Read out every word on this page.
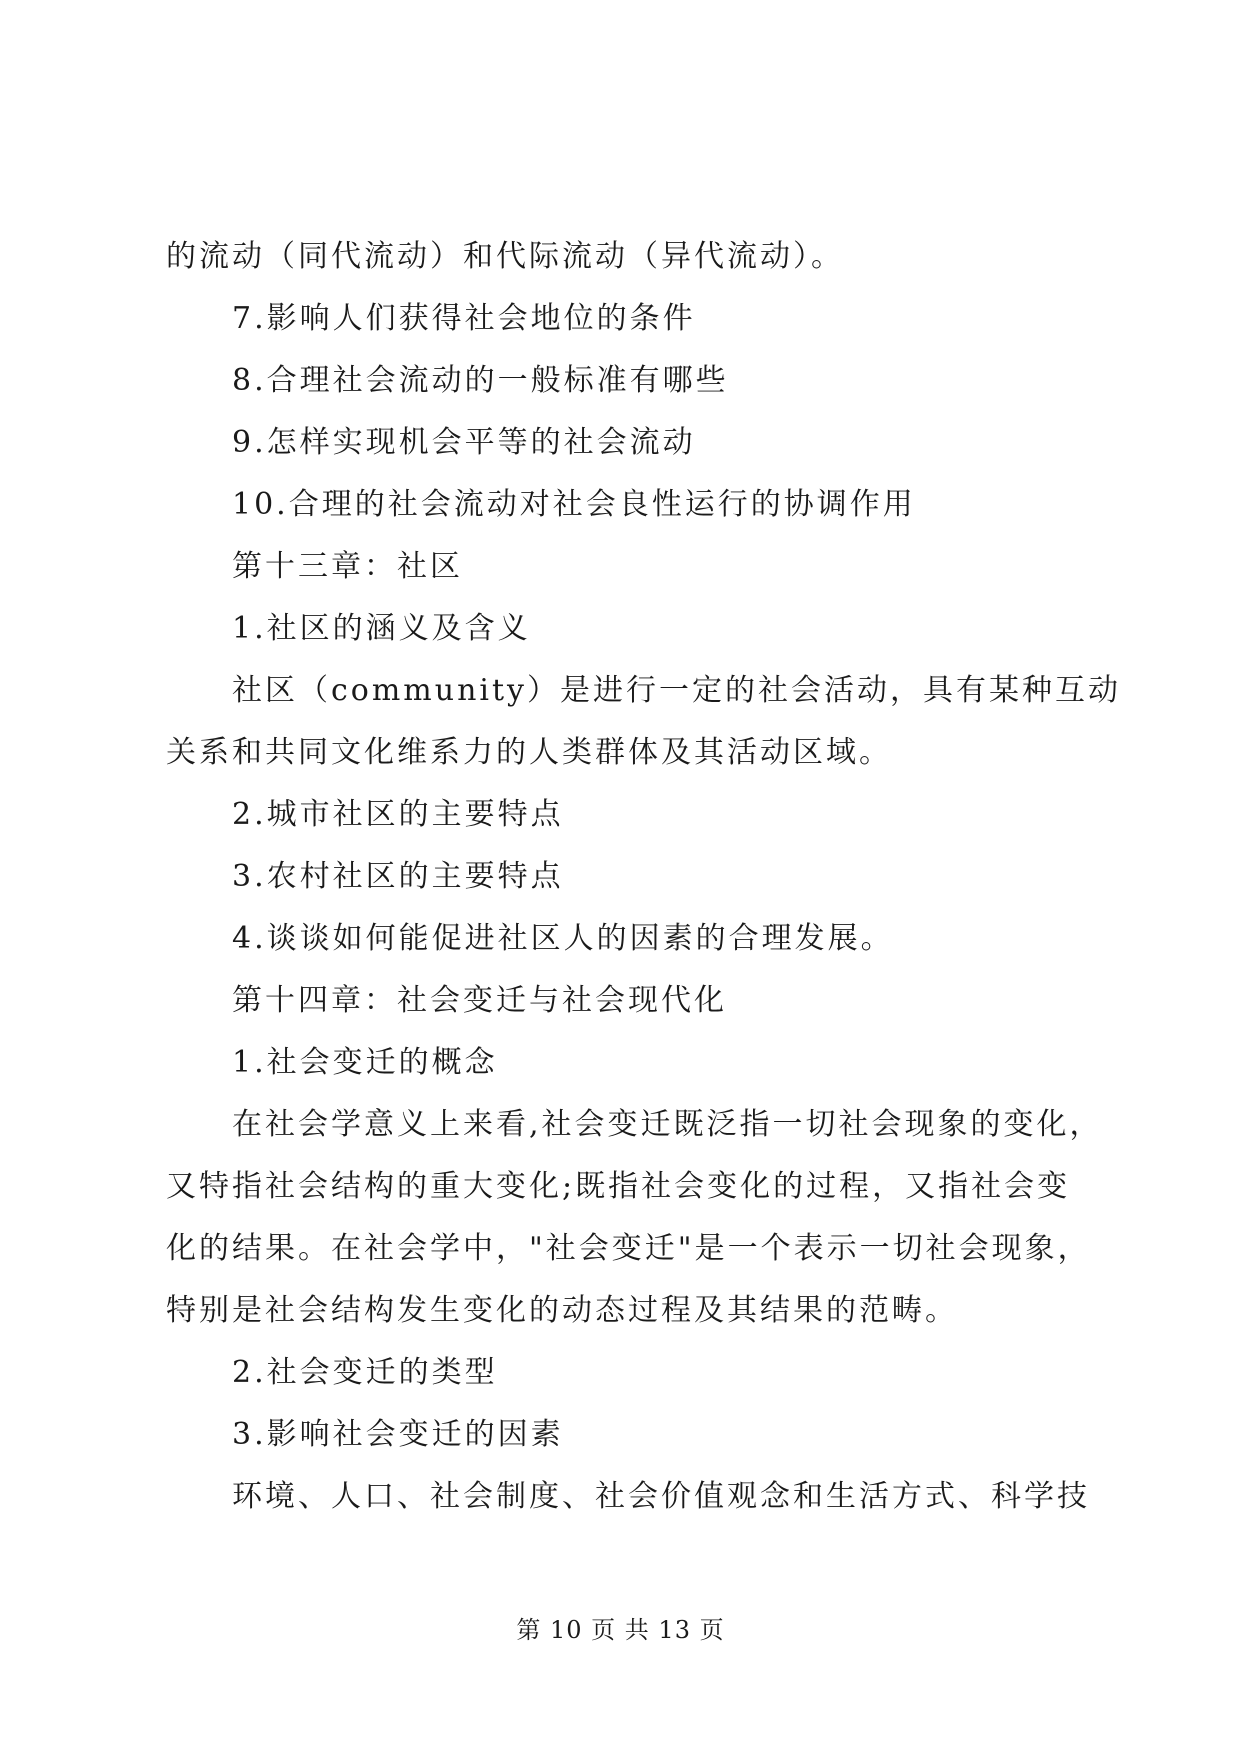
的流动（同代流动）和代际流动（异代流动）。
7.影响人们获得社会地位的条件
8.合理社会流动的一般标准有哪些
9.怎样实现机会平等的社会流动
10.合理的社会流动对社会良性运行的协调作用
第十三章：社区
1.社区的涵义及含义
社区（community）是进行一定的社会活动，具有某种互动
关系和共同文化维系力的人类群体及其活动区域。
2.城市社区的主要特点
3.农村社区的主要特点
4.谈谈如何能促进社区人的因素的合理发展。
第十四章：社会变迁与社会现代化
1.社会变迁的概念
在社会学意义上来看,社会变迁既泛指一切社会现象的变化，
又特指社会结构的重大变化;既指社会变化的过程，又指社会变
化的结果。在社会学中，"社会变迁"是一个表示一切社会现象，
特别是社会结构发生变化的动态过程及其结果的范畴。
2.社会变迁的类型
3.影响社会变迁的因素
环境、人口、社会制度、社会价值观念和生活方式、科学技
第 10 页 共 13 页
